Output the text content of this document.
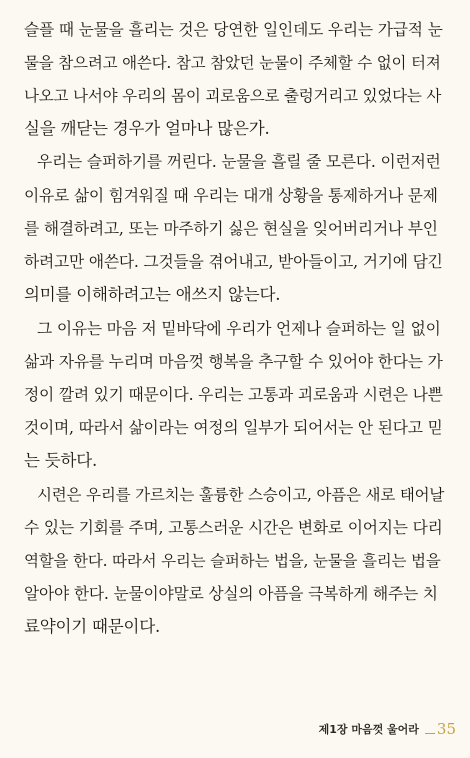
슬플 때 눈물을 흘리는 것은 당연한 일인데도 우리는 가급적 눈
물을 참으려고 애쓴다. 참고 참았던 눈물이 주체할 수 없이 터져
나오고 나서야 우리의 몸이 괴로움으로 출렁거리고 있었다는 사
실을 깨닫는 경우가 얼마나 많은가.
우리는 슬퍼하기를 꺼린다. 눈물을 흘릴 줄 모른다. 이런저런
이유로 삶이 힘겨워질 때 우리는 대개 상황을 통제하거나 문제
를 해결하려고, 또는 마주하기 싫은 현실을 잊어버리거나 부인
하려고만 애쓴다. 그것들을 겪어내고, 받아들이고, 거기에 담긴
의미를 이해하려고는 애쓰지 않는다.
그 이유는 마음 저 밑바닥에 우리가 언제나 슬퍼하는 일 없이
삶과 자유를 누리며 마음껏 행복을 추구할 수 있어야 한다는 가
정이 깔려 있기 때문이다. 우리는 고통과 괴로움과 시련은 나쁜
것이며, 따라서 삶이라는 여정의 일부가 되어서는 안 된다고 믿
는 듯하다.
시련은 우리를 가르치는 훌륭한 스승이고, 아픔은 새로 태어날
수 있는 기회를 주며, 고통스러운 시간은 변화로 이어지는 다리
역할을 한다. 따라서 우리는 슬퍼하는 법을, 눈물을 흘리는 법을
알아야 한다. 눈물이야말로 상실의 아픔을 극복하게 해주는 치
료약이기 때문이다.
제1장 마음껏 울어라 35
